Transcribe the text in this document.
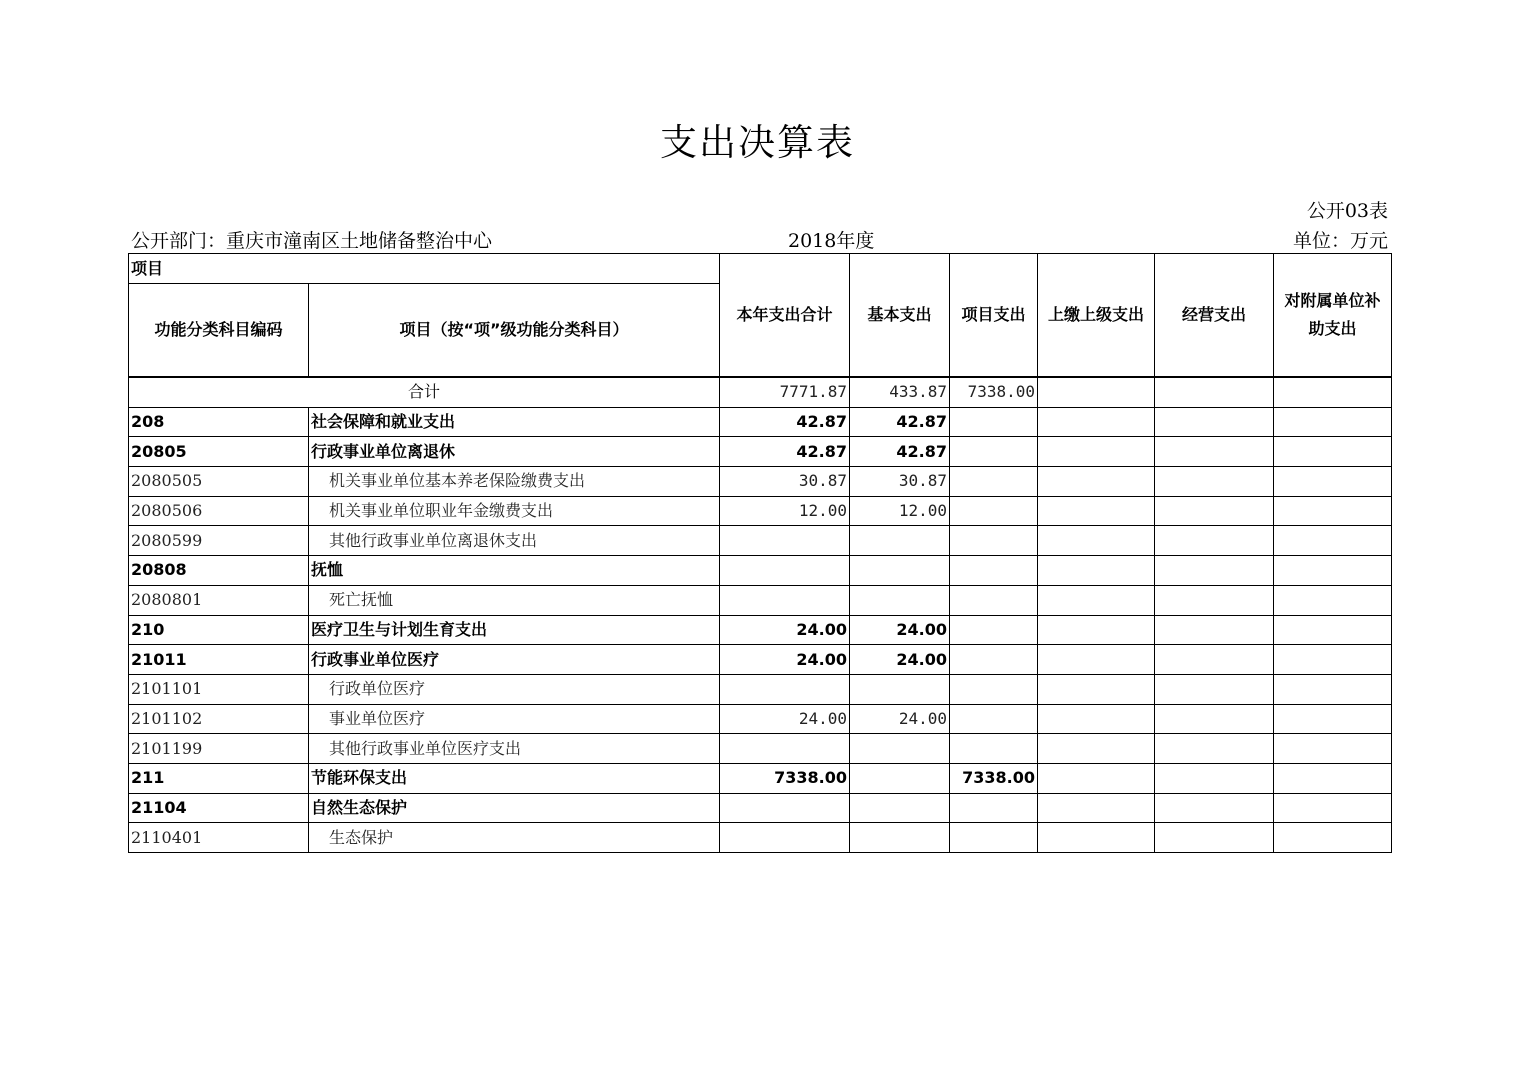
支出决算表
公开03表
公开部门：重庆市潼南区土地储备整治中心	2018年度	单位：万元
项目		本年支出合计	基本支出	项目支出	上缴上级支出	经营支出	对附属单位补助支出
功能分类科目编码	项目（按“项”级功能分类科目）						
合计		7771.87	433.87	7338.00			
208	社会保障和就业支出	42.87	42.87				
20805	行政事业单位离退休	42.87	42.87				
2080505	机关事业单位基本养老保险缴费支出	30.87	30.87				
2080506	机关事业单位职业年金缴费支出	12.00	12.00				
2080599	其他行政事业单位离退休支出						
20808	抚恤						
2080801	死亡抚恤						
210	医疗卫生与计划生育支出	24.00	24.00				
21011	行政事业单位医疗	24.00	24.00				
2101101	行政单位医疗						
2101102	事业单位医疗	24.00	24.00				
2101199	其他行政事业单位医疗支出						
211	节能环保支出	7338.00		7338.00			
21104	自然生态保护						
2110401	生态保护						
